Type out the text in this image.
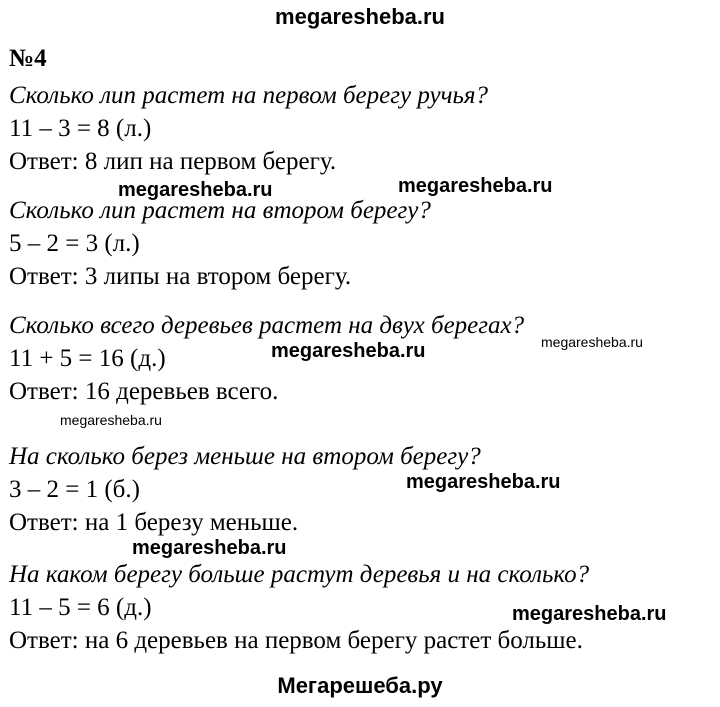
megaresheba.ru
megaresheba.ru	megaresheba.ru
megaresheba.ru
megaresheba.ru
megaresheba.ru
megaresheba.ru
megaresheba.ru
megaresheba.ru
Мегарешеба.ру
№4
Сколько лип растет на первом берегу ручья?
11 – 3 = 8 (л.)
Ответ: 8 лип на первом берегу.
Сколько лип растет на втором берегу?
5 – 2 = 3 (л.)
Ответ: 3 липы на втором берегу.
Сколько всего деревьев растет на двух берегах?
11 + 5 = 16 (д.)
Ответ: 16 деревьев всего.
На сколько берез меньше на втором берегу?
3 – 2 = 1 (б.)
Ответ: на 1 березу меньше.
На каком берегу больше растут деревья и на сколько?
11 – 5 = 6 (д.)
Ответ: на 6 деревьев на первом берегу растет больше.
